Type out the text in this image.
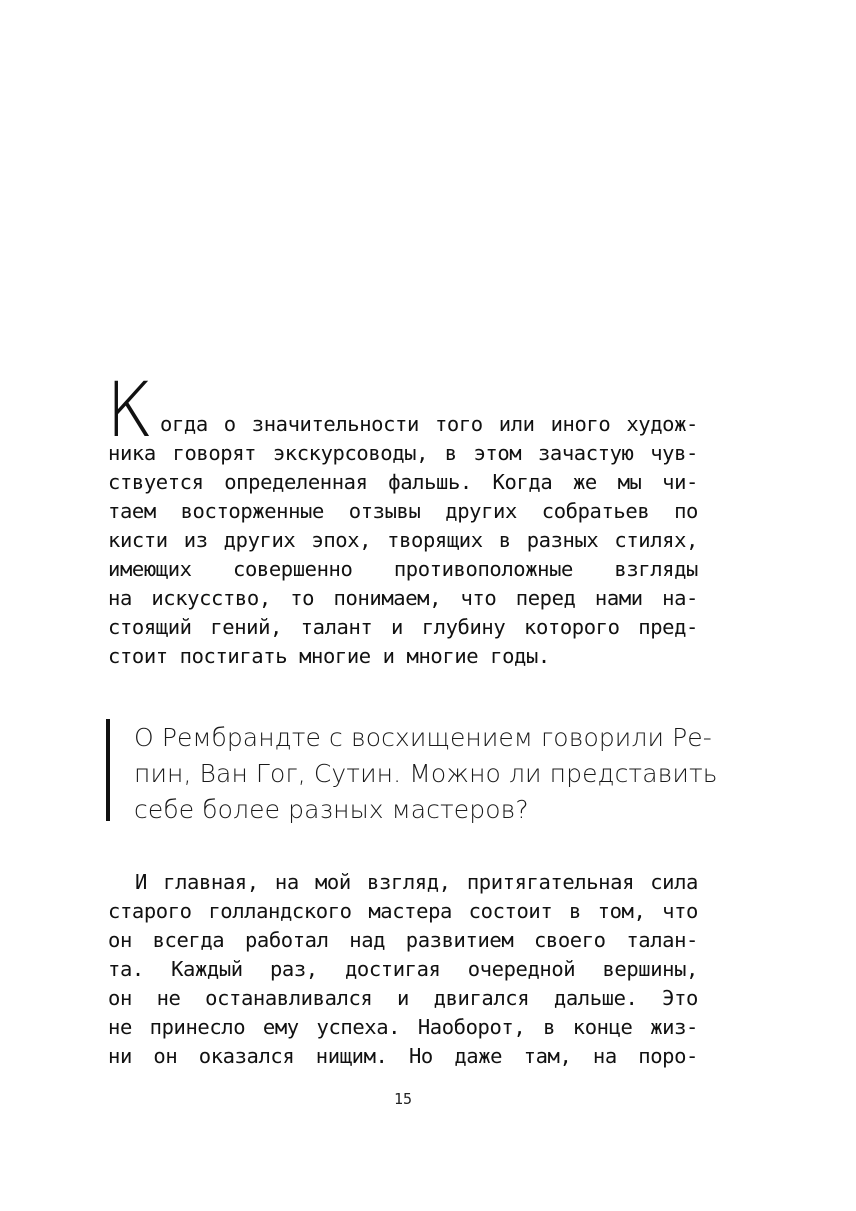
К огда о значительности того или иного худож-
ника говорят экскурсоводы, в этом зачастую чув-
ствуется определенная фальшь. Когда же мы чи-
таем восторженные отзывы других собратьев по
кисти из других эпох, творящих в разных стилях,
имеющих совершенно противоположные взгляды
на искусство, то понимаем, что перед нами на-
стоящий гений, талант и глубину которого пред-
стоит постигать многие и многие годы.
О Рембрандте с восхищением говорили Ре-
пин, Ван Гог, Сутин. Можно ли представить
себе более разных мастеров?
И главная, на мой взгляд, притягательная сила
старого голландского мастера состоит в том, что
он всегда работал над развитием своего талан-
та. Каждый раз, достигая очередной вершины,
он не останавливался и двигался дальше. Это
не принесло ему успеха. Наоборот, в конце жиз-
ни он оказался нищим. Но даже там, на поро-
15
